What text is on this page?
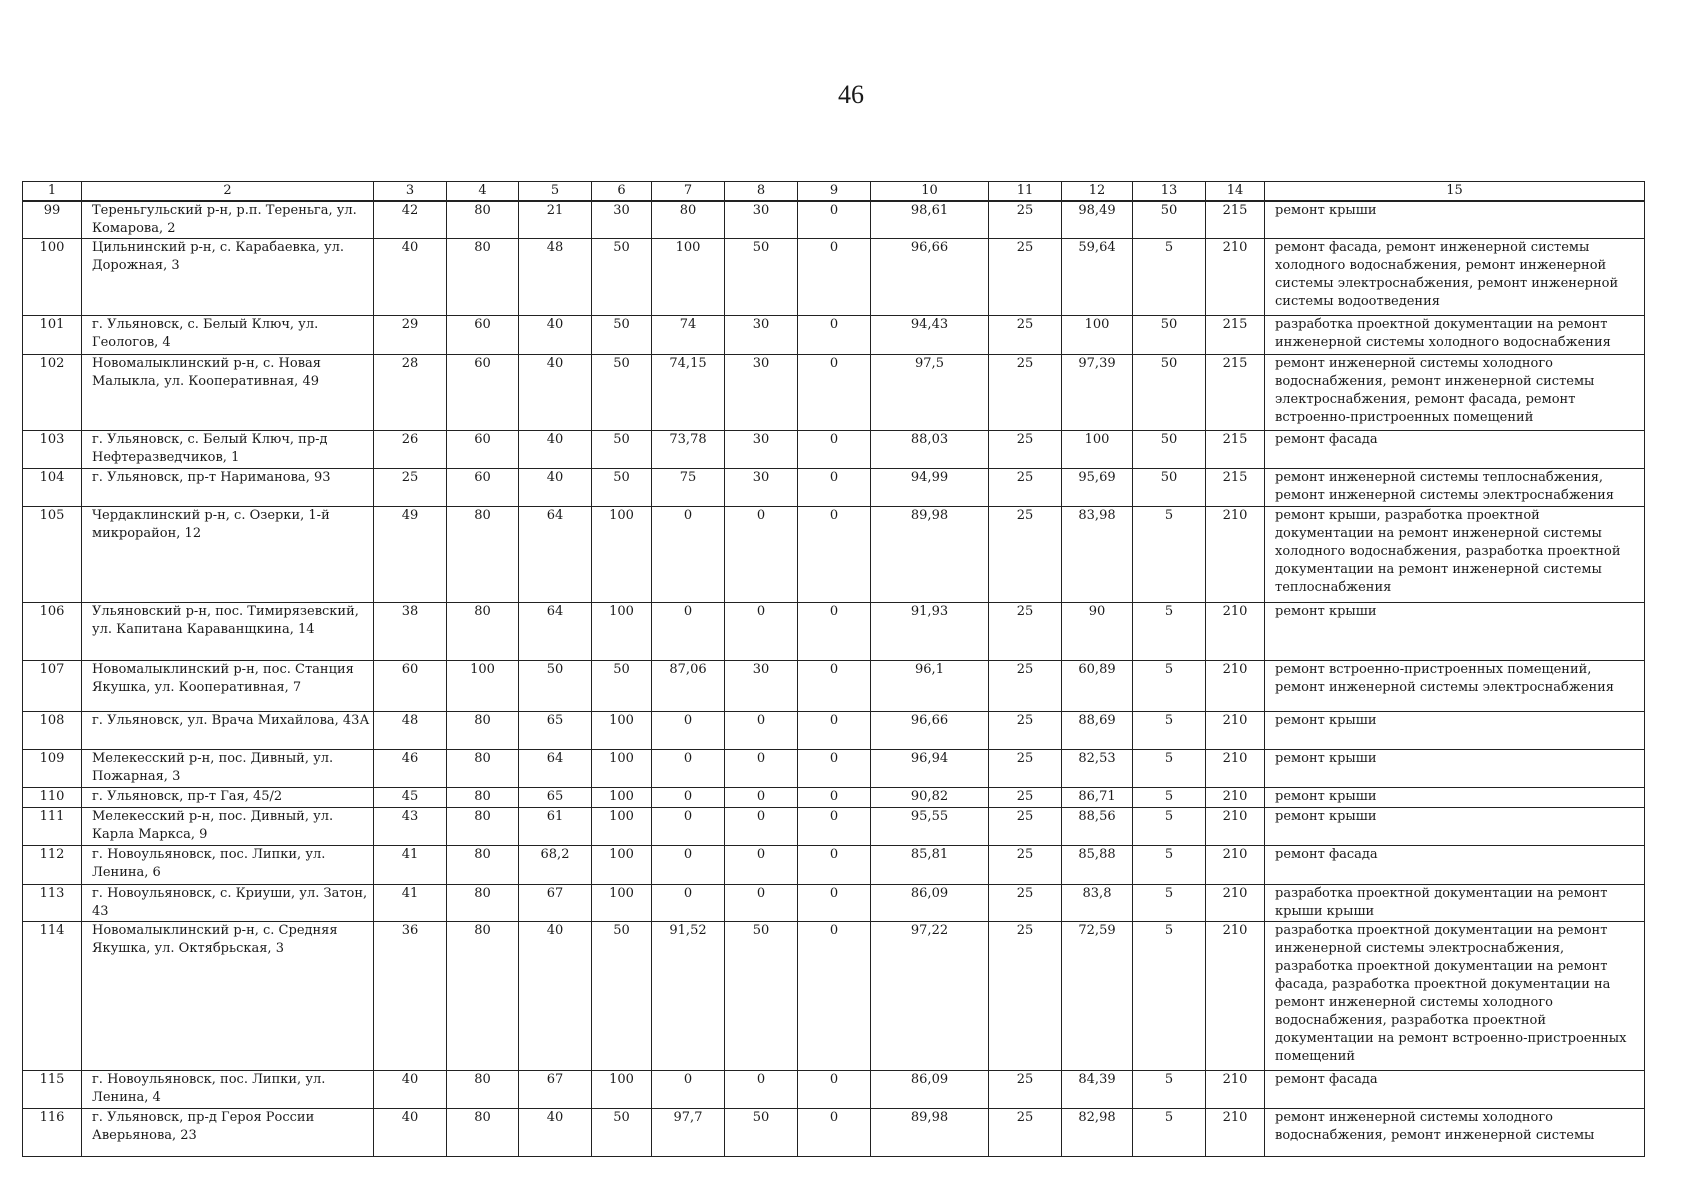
46
1	2	3	4	5	6	7	8	9	10	11	12	13	14	15
99	Тереньгульский р-н, р.п. Тереньга, ул. Комарова, 2	42	80	21	30	80	30	0	98,61	25	98,49	50	215	ремонт крыши
100	Цильнинский р-н, с. Карабаевка, ул. Дорожная, 3	40	80	48	50	100	50	0	96,66	25	59,64	5	210	ремонт фасада, ремонт инженерной системы холодного водоснабжения, ремонт инженерной системы электроснабжения, ремонт инженерной системы водоотведения
101	г. Ульяновск, с. Белый Ключ, ул. Геологов, 4	29	60	40	50	74	30	0	94,43	25	100	50	215	разработка проектной документации на ремонт инженерной системы холодного водоснабжения
102	Новомалыклинский р-н, с. Новая Малыкла, ул. Кооперативная, 49	28	60	40	50	74,15	30	0	97,5	25	97,39	50	215	ремонт инженерной системы холодного водоснабжения, ремонт инженерной системы электроснабжения, ремонт фасада, ремонт встроенно-пристроенных помещений
103	г. Ульяновск, с. Белый Ключ, пр-д Нефтеразведчиков, 1	26	60	40	50	73,78	30	0	88,03	25	100	50	215	ремонт фасада
104	г. Ульяновск, пр-т Нариманова, 93	25	60	40	50	75	30	0	94,99	25	95,69	50	215	ремонт инженерной системы теплоснабжения, ремонт инженерной системы электроснабжения
105	Чердаклинский р-н, с. Озерки, 1-й микрорайон, 12	49	80	64	100	0	0	0	89,98	25	83,98	5	210	ремонт крыши, разработка проектной документации на ремонт инженерной системы холодного водоснабжения, разработка проектной документации на ремонт инженерной системы теплоснабжения
106	Ульяновский р-н, пос. Тимирязевский, ул. Капитана Караванщкина, 14	38	80	64	100	0	0	0	91,93	25	90	5	210	ремонт крыши
107	Новомалыклинский р-н, пос. Станция Якушка, ул. Кооперативная, 7	60	100	50	50	87,06	30	0	96,1	25	60,89	5	210	ремонт встроенно-пристроенных помещений, ремонт инженерной системы электроснабжения
108	г. Ульяновск, ул. Врача Михайлова, 43А	48	80	65	100	0	0	0	96,66	25	88,69	5	210	ремонт крыши
109	Мелекесский р-н, пос. Дивный, ул. Пожарная, 3	46	80	64	100	0	0	0	96,94	25	82,53	5	210	ремонт крыши
110	г. Ульяновск, пр-т Гая, 45/2	45	80	65	100	0	0	0	90,82	25	86,71	5	210	ремонт крыши
111	Мелекесский р-н, пос. Дивный, ул. Карла Маркса, 9	43	80	61	100	0	0	0	95,55	25	88,56	5	210	ремонт крыши
112	г. Новоульяновск, пос. Липки, ул. Ленина, 6	41	80	68,2	100	0	0	0	85,81	25	85,88	5	210	ремонт фасада
113	г. Новоульяновск, с. Криуши, ул. Затон, 43	41	80	67	100	0	0	0	86,09	25	83,8	5	210	разработка проектной документации на ремонт крыши крыши
114	Новомалыклинский р-н, с. Средняя Якушка, ул. Октябрьская, 3	36	80	40	50	91,52	50	0	97,22	25	72,59	5	210	разработка проектной документации на ремонт инженерной системы электроснабжения, разработка проектной документации на ремонт фасада, разработка проектной документации на ремонт инженерной системы холодного водоснабжения, разработка проектной документации на ремонт встроенно-пристроенных помещений
115	г. Новоульяновск, пос. Липки, ул. Ленина, 4	40	80	67	100	0	0	0	86,09	25	84,39	5	210	ремонт фасада
116	г. Ульяновск, пр-д Героя России Аверьянова, 23	40	80	40	50	97,7	50	0	89,98	25	82,98	5	210	ремонт инженерной системы холодного водоснабжения, ремонт инженерной системы
